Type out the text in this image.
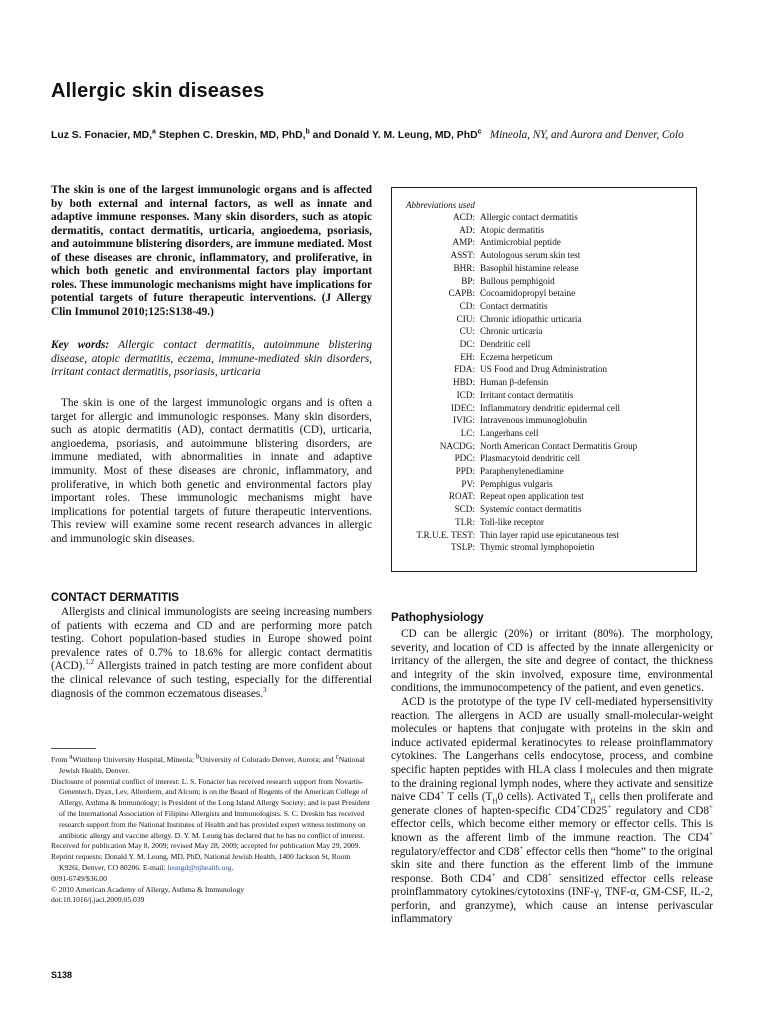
Allergic skin diseases
Luz S. Fonacier, MD,$^a$ Stephen C. Dreskin, MD, PhD,$^b$ and Donald Y. M. Leung, MD, PhD$^c$ Mineola, NY, and Aurora and Denver, Colo

The skin is one of the largest immunologic organs and is affected by both external and internal factors, as well as innate and adaptive immune responses. Many skin disorders, such as atopic dermatitis, contact dermatitis, urticaria, angioedema, psoriasis, and autoimmune blistering disorders, are immune mediated. Most of these diseases are chronic, inflammatory, and proliferative, in which both genetic and environmental factors play important roles. These immunologic mechanisms might have implications for potential targets of future therapeutic interventions. (J Allergy Clin Immunol 2010;125:S138-49.)

Key words: Allergic contact dermatitis, autoimmune blistering disease, atopic dermatitis, eczema, immune-mediated skin disorders, irritant contact dermatitis, psoriasis, urticaria

The skin is one of the largest immunologic organs and is often a target for allergic and immunologic responses. Many skin disorders, such as atopic dermatitis (AD), contact dermatitis (CD), urticaria, angioedema, psoriasis, and autoimmune blistering disorders, are immune mediated, with abnormalities in innate and adaptive immunity. Most of these diseases are chronic, inflammatory, and proliferative, in which both genetic and environmental factors play important roles. These immunologic mechanisms might have implications for potential targets of future therapeutic interventions. This review will examine some recent research advances in allergic and immunologic skin diseases.

CONTACT DERMATITIS

Allergists and clinical immunologists are seeing increasing numbers of patients with eczema and CD and are performing more patch testing. Cohort population-based studies in Europe showed point prevalence rates of 0.7% to 18.6% for allergic contact dermatitis (ACD).$^{1,2}$ Allergists trained in patch testing are more confident about the clinical relevance of such testing, especially for the differential diagnosis of the common eczematous diseases.$^3$

From $^a$Winthrop University Hospital, Mineola; $^b$University of Colorado Denver, Aurora; and $^c$National Jewish Health, Denver.

Disclosure of potential conflict of interest: L. S. Fonacier has received research support from Novartis-Genentech, Dyax, Lev, Allerderm, and Alcom; is on the Board of Regents of the American College of Allergy, Asthma & Immunology; is President of the Long Island Allergy Society; and is past President of the International Association of Filipino Allergists and Immunologists. S. C. Dreskin has received research support from the National Institutes of Health and has provided expert witness testimony on antibiotic allergy and vaccine allergy. D. Y. M. Leung has declared that he has no conflict of interest.

Received for publication May 8, 2009; revised May 28, 2009; accepted for publication May 29, 2009.

Reprint requests: Donald Y. M. Leung, MD, PhD, National Jewish Health, 1400 Jackson St, Room K926i, Denver, CO 80206. E-mail: leungd@njhealth.org.

0091-6749/$36.00

© 2010 American Academy of Allergy, Asthma & Immunology

doi:10.1016/j.jaci.2009.05.039

S138
Abbreviations used
ACD: Allergic contact dermatitis
AD: Atopic dermatitis
AMP: Antimicrobial peptide
ASST: Autologous serum skin test
BHR: Basophil histamine release
BP: Bullous pemphigoid
CAPB: Cocoamidopropyl betaine
CD: Contact dermatitis
CIU: Chronic idiopathic urticaria
CU: Chronic urticaria
DC: Dendritic cell
EH: Eczema herpeticum
FDA: US Food and Drug Administration
HBD: Human β-defensin
ICD: Irritant contact dermatitis
IDEC: Inflammatory dendritic epidermal cell
IVIG: Intravenous immunoglobulin
LC: Langerhans cell
NACDG: North American Contact Dermatitis Group
PDC: Plasmacytoid dendritic cell
PPD: Paraphenylenediamine
PV: Pemphigus vulgaris
ROAT: Repeat open application test
SCD: Systemic contact dermatitis
TLR: Toll-like receptor
T.R.U.E. TEST: Thin layer rapid use epicutaneous test
TSLP: Thymic stromal lymphopoietin
Pathophysiology

CD can be allergic (20%) or irritant (80%). The morphology, severity, and location of CD is affected by the innate allergenicity or irritancy of the allergen, the site and degree of contact, the thickness and integrity of the skin involved, exposure time, environmental conditions, the immunocompetency of the patient, and even genetics.

ACD is the prototype of the type IV cell-mediated hypersensitivity reaction. The allergens in ACD are usually small-molecular-weight molecules or haptens that conjugate with proteins in the skin and induce activated epidermal keratinocytes to release proinflammatory cytokines. The Langerhans cells endocytose, process, and combine specific hapten peptides with HLA class I molecules and then migrate to the draining regional lymph nodes, where they activate and sensitize naive CD4+ T cells ($T_H0$ cells). Activated $T_H$ cells then proliferate and generate clones of hapten-specific CD4+CD25+ regulatory and CD8+ effector cells, which become either memory or effector cells. This is known as the afferent limb of the immune reaction. The CD4+ regulatory/effector and CD8+ effector cells then “home” to the original skin site and there function as the efferent limb of the immune response. Both CD4+ and CD8+ sensitized effector cells release proinflammatory cytokines/cytotoxins (INF-γ, TNF-α, GM-CSF, IL-2, perforin, and granzyme), which cause an intense perivascular inflammatory
